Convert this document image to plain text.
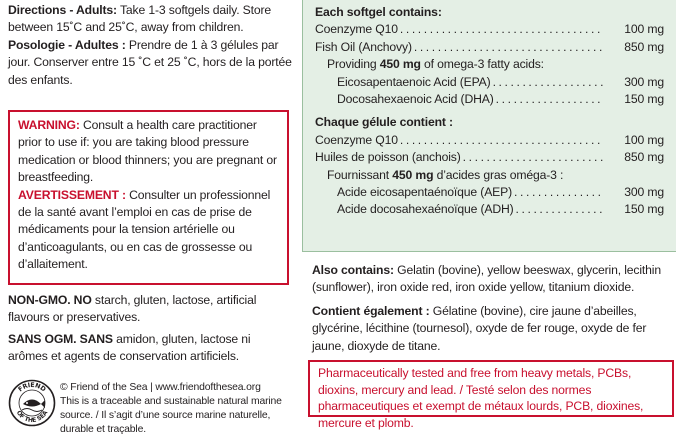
Directions - Adults: Take 1-3 softgels daily. Store between 15˚C and 25˚C, away from children.

Posologie - Adultes : Prendre de 1 à 3 gélules par jour. Conserver entre 15 ˚C et 25 ˚C, hors de la portée des enfants.

WARNING: Consult a health care practitioner prior to use if: you are taking blood pressure medication or blood thinners; you are pregnant or breastfeeding.

AVERTISSEMENT : Consulter un professionnel de la santé avant l’emploi en cas de prise de médicaments pour la tension artérielle ou d’anticoagulants, ou en cas de grossesse ou d’allaitement.

NON-GMO. NO starch, gluten, lactose, artificial flavours or preservatives.

SANS OGM. SANS amidon, gluten, lactose ni arômes et agents de conservation artificiels.

FRIEND
OF THE SEA
© Friend of the Sea | www.friendofthesea.org
This is a traceable and sustainable natural marine source. / Il s’agit d’une source marine naturelle, durable et traçable.
Each softgel contains:
Coenzyme Q10 . . .	100 mg
Fish Oil (Anchovy) . . .	850 mg
Providing 450 mg of omega-3 fatty acids:
Eicosapentaenoic Acid (EPA) . . .	300 mg
Docosahexaenoic Acid (DHA) . . .	150 mg
Chaque gélule contient :
Coenzyme Q10 . . .	100 mg
Huiles de poisson (anchois) . . .	850 mg
Fournissant 450 mg d’acides gras oméga-3 :
Acide eicosapentaénoïque (AEP) . . .	300 mg
Acide docosahexaénoïque (ADH) . . .	150 mg

Also contains: Gelatin (bovine), yellow beeswax, glycerin, lecithin (sunflower), iron oxide red, iron oxide yellow, titanium dioxide.

Contient également : Gélatine (bovine), cire jaune d’abeilles, glycérine, lécithine (tournesol), oxyde de fer rouge, oxyde de fer jaune, dioxyde de titane.

Pharmaceutically tested and free from heavy metals, PCBs, dioxins, mercury and lead. / Testé selon des normes pharmaceutiques et exempt de métaux lourds, PCB, dioxines, mercure et plomb.
